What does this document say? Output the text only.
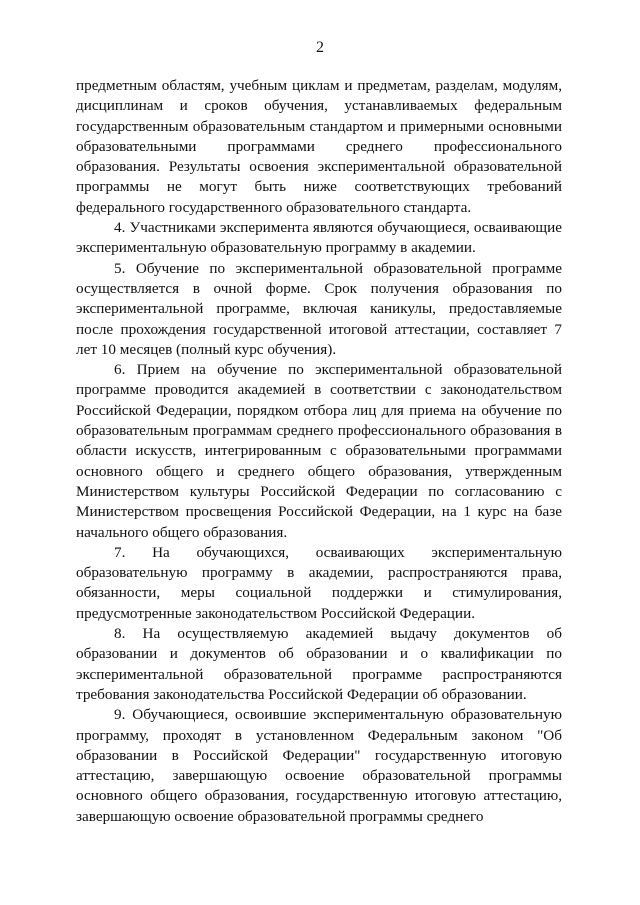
2

предметным областям, учебным циклам и предметам, разделам, модулям, дисциплинам и сроков обучения, устанавливаемых федеральным государственным образовательным стандартом и примерными основными образовательными программами среднего профессионального образования. Результаты освоения экспериментальной образовательной программы не могут быть ниже соответствующих требований федерального государственного образовательного стандарта.

4. Участниками эксперимента являются обучающиеся, осваивающие экспериментальную образовательную программу в академии.

5. Обучение по экспериментальной образовательной программе осуществляется в очной форме. Срок получения образования по экспериментальной программе, включая каникулы, предоставляемые после прохождения государственной итоговой аттестации, составляет 7 лет 10 месяцев (полный курс обучения).

6. Прием на обучение по экспериментальной образовательной программе проводится академией в соответствии с законодательством Российской Федерации, порядком отбора лиц для приема на обучение по образовательным программам среднего профессионального образования в области искусств, интегрированным с образовательными программами основного общего и среднего общего образования, утвержденным Министерством культуры Российской Федерации по согласованию с Министерством просвещения Российской Федерации, на 1 курс на базе начального общего образования.

7. На обучающихся, осваивающих экспериментальную образовательную программу в академии, распространяются права, обязанности, меры социальной поддержки и стимулирования, предусмотренные законодательством Российской Федерации.

8. На осуществляемую академией выдачу документов об образовании и документов об образовании и о квалификации по экспериментальной образовательной программе распространяются требования законодательства Российской Федерации об образовании.

9. Обучающиеся, освоившие экспериментальную образовательную программу, проходят в установленном Федеральным законом "Об образовании в Российской Федерации" государственную итоговую аттестацию, завершающую освоение образовательной программы основного общего образования, государственную итоговую аттестацию, завершающую освоение образовательной программы среднего
